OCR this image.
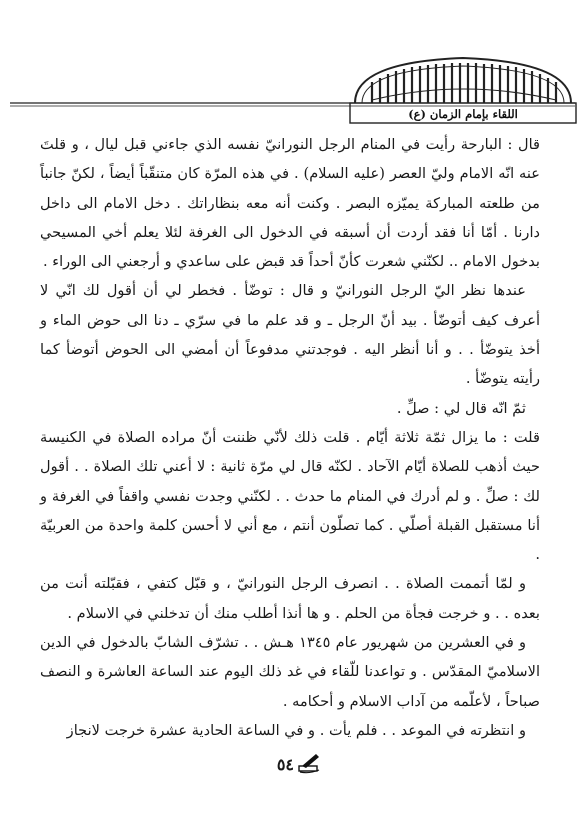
اللقاء بإمام الزمان (ع)

قال : البارحة رأيت في المنام الرجل النورانيّ نفسه الذي جاءني قبل ليال ، و قلتَ عنه انّه الامام وليّ العصر (عليه السلام) . في هذه المرّة كان متنقّباً أيضاً ، لكنّ جانباً من طلعته المباركة يميّزه البصر . وكنت أنه معه بنظاراتك . دخل الامام الى داخل دارنا . أمّا أنا فقد أردت أن أسبقه في الدخول الى الغرفة لئلا يعلم أخي المسيحي بدخول الامام .. لكنّني شعرت كأنّ أحداً قد قبض على ساعدي و أرجعني الى الوراء .

عندها نظر اليّ الرجل النورانيّ و قال : توضّأ . فخطر لي أن أقول لك انّي لا أعرف كيف أتوضّأ . بيد أنّ الرجل ـ و قد علم ما في سرّي ـ دنا الى حوض الماء و أخذ يتوضّأ . . و أنا أنظر اليه . فوجدتني مدفوعاً أن أمضي الى الحوض أتوضأ كما رأيته يتوضّأ .

ثمّ انّه قال لي : صلِّ .

قلت : ما يزال ثمّة ثلاثة أيّام . قلت ذلك لأنّي ظننت أنّ مراده الصلاة في الكنيسة حيث أذهب للصلاة أيّام الآحاد . لكنّه قال لي مرّة ثانية : لا أعني تلك الصلاة . . أقول لك : صلِّ . و لم أدرك في المنام ما حدث . . لكنّني وجدت نفسي واقفاً في الغرفة و أنا مستقبل القبلة أصلّي . كما تصلّون أنتم ، مع أني لا أحسن كلمة واحدة من العربيّة .

و لمّا أتممت الصلاة . . انصرف الرجل النورانيّ ، و قبّل كتفي ، فقبّلته أنت من بعده . . و خرجت فجأة من الحلم . و ها أنذا أطلب منك أن تدخلني في الاسلام .

و في العشرين من شهريور عام ١٣٤٥ هـش . . تشرّف الشابّ بالدخول في الدين الاسلاميّ المقدّس . و تواعدنا للّقاء في غد ذلك اليوم عند الساعة العاشرة و النصف صباحاً ، لأعلّمه من آداب الاسلام و أحكامه .

و انتظرته في الموعد . . فلم يأت . و في الساعة الحادية عشرة خرجت لانجاز

٥٤
